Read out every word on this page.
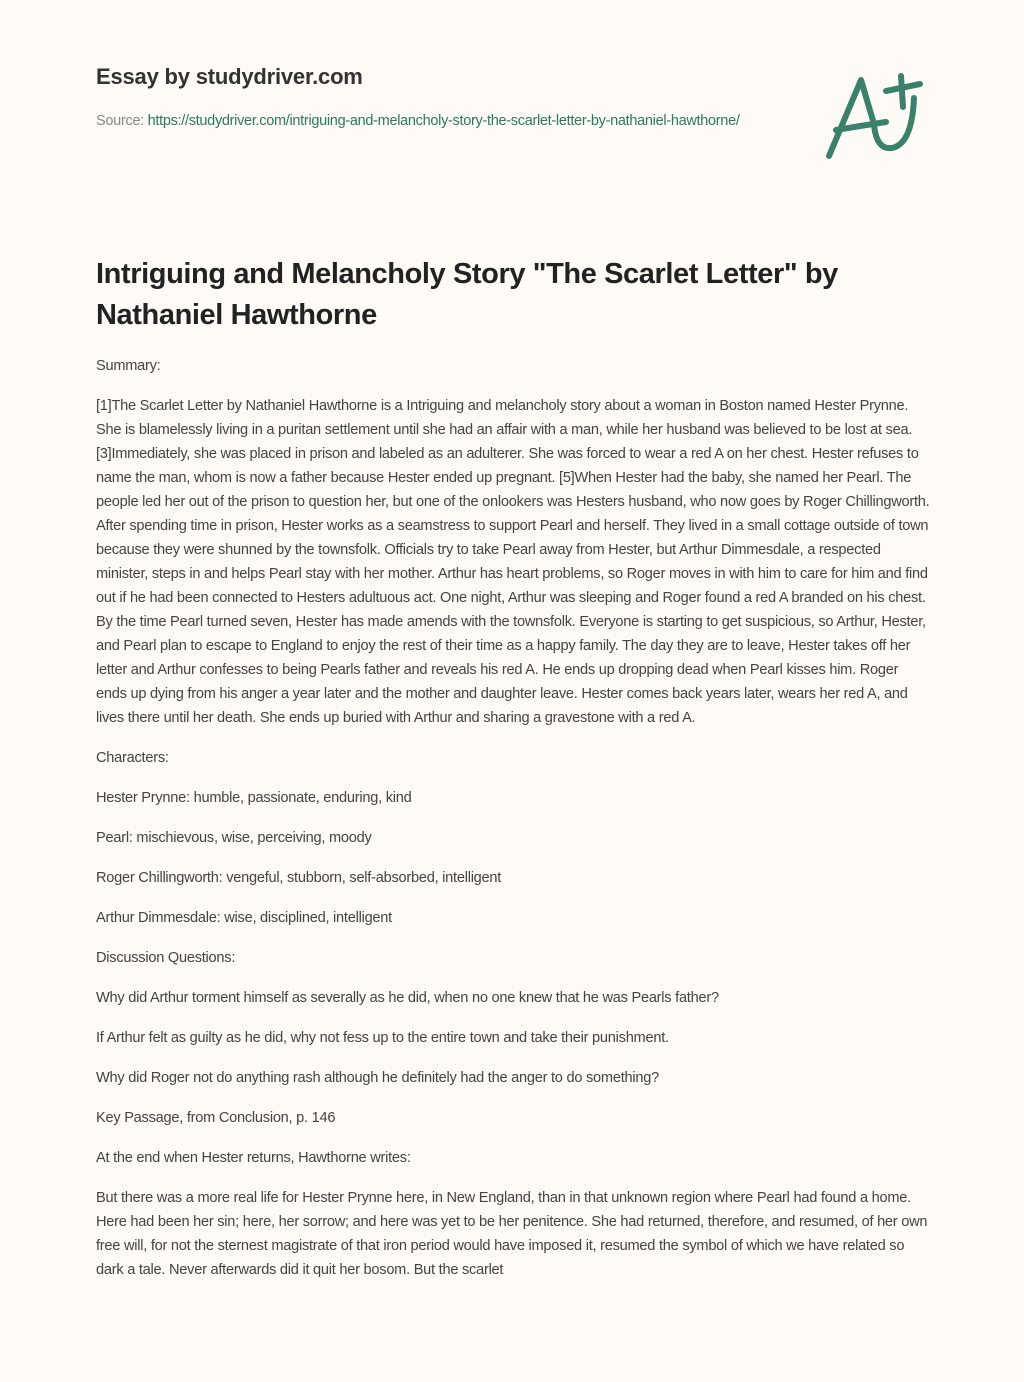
Essay by studydriver.com
Source: https://studydriver.com/intriguing-and-melancholy-story-the-scarlet-letter-by-nathaniel-hawthorne/
Intriguing and Melancholy Story "The Scarlet Letter" by Nathaniel Hawthorne

Summary:

[1]The Scarlet Letter by Nathaniel Hawthorne is a Intriguing and melancholy story about a woman in Boston named Hester Prynne. She is blamelessly living in a puritan settlement until she had an affair with a man, while her husband was believed to be lost at sea. [3]Immediately, she was placed in prison and labeled as an adulterer. She was forced to wear a red A on her chest. Hester refuses to name the man, whom is now a father because Hester ended up pregnant. [5]When Hester had the baby, she named her Pearl. The people led her out of the prison to question her, but one of the onlookers was Hesters husband, who now goes by Roger Chillingworth. After spending time in prison, Hester works as a seamstress to support Pearl and herself. They lived in a small cottage outside of town because they were shunned by the townsfolk. Officials try to take Pearl away from Hester, but Arthur Dimmesdale, a respected minister, steps in and helps Pearl stay with her mother. Arthur has heart problems, so Roger moves in with him to care for him and find out if he had been connected to Hesters adultuous act. One night, Arthur was sleeping and Roger found a red A branded on his chest. By the time Pearl turned seven, Hester has made amends with the townsfolk. Everyone is starting to get suspicious, so Arthur, Hester, and Pearl plan to escape to England to enjoy the rest of their time as a happy family. The day they are to leave, Hester takes off her letter and Arthur confesses to being Pearls father and reveals his red A. He ends up dropping dead when Pearl kisses him. Roger ends up dying from his anger a year later and the mother and daughter leave. Hester comes back years later, wears her red A, and lives there until her death. She ends up buried with Arthur and sharing a gravestone with a red A.

Characters:

Hester Prynne: humble, passionate, enduring, kind

Pearl: mischievous, wise, perceiving, moody

Roger Chillingworth: vengeful, stubborn, self-absorbed, intelligent

Arthur Dimmesdale: wise, disciplined, intelligent

Discussion Questions:

Why did Arthur torment himself as severally as he did, when no one knew that he was Pearls father?

If Arthur felt as guilty as he did, why not fess up to the entire town and take their punishment.

Why did Roger not do anything rash although he definitely had the anger to do something?

Key Passage, from Conclusion, p. 146

At the end when Hester returns, Hawthorne writes:

But there was a more real life for Hester Prynne here, in New England, than in that unknown region where Pearl had found a home. Here had been her sin; here, her sorrow; and here was yet to be her penitence. She had returned, therefore, and resumed, of her own free will, for not the sternest magistrate of that iron period would have imposed it, resumed the symbol of which we have related so dark a tale. Never afterwards did it quit her bosom. But the scarlet
